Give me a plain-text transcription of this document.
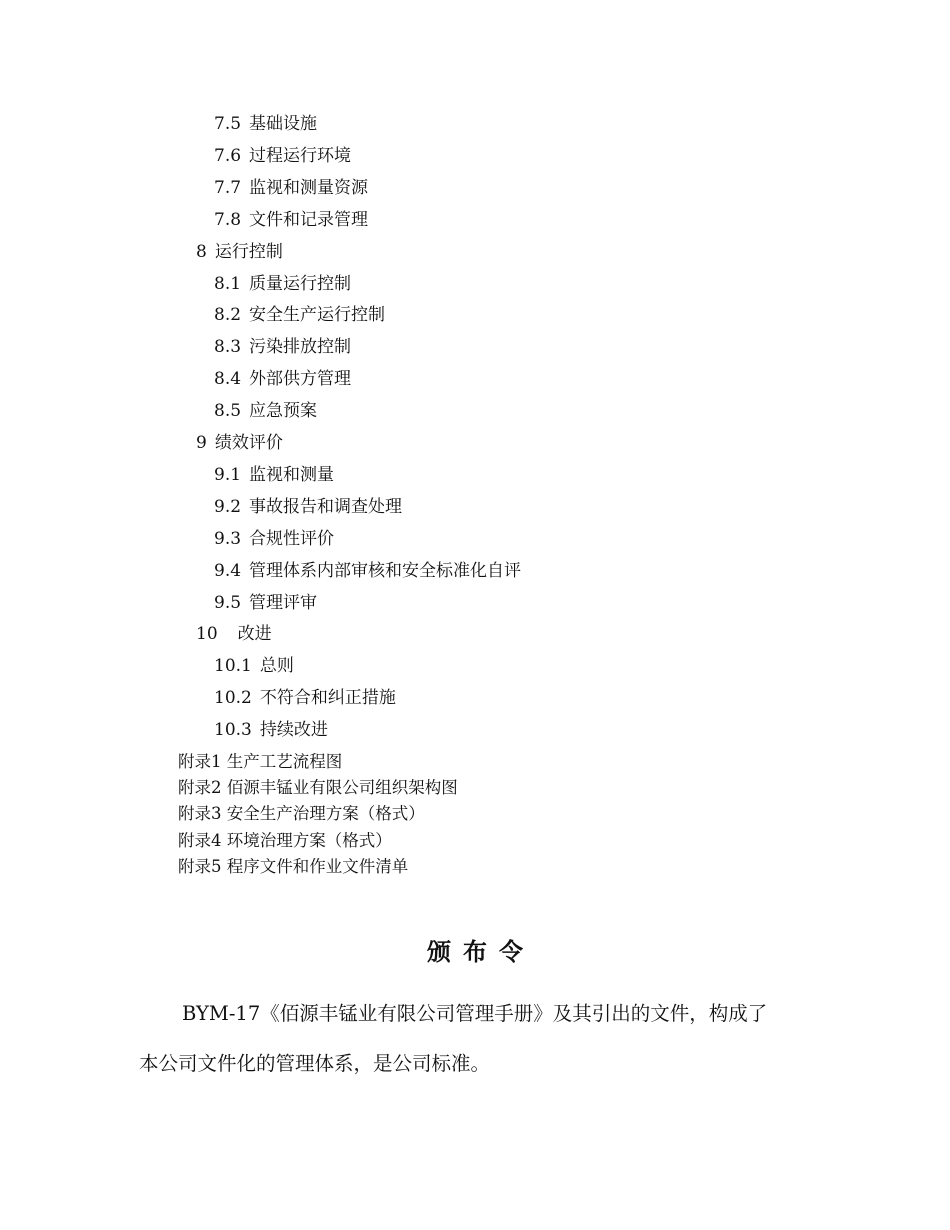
7.5 基础设施
7.6 过程运行环境
7.7 监视和测量资源
7.8 文件和记录管理
8 运行控制
8.1 质量运行控制
8.2 安全生产运行控制
8.3 污染排放控制
8.4 外部供方管理
8.5 应急预案
9 绩效评价
9.1 监视和测量
9.2 事故报告和调查处理
9.3 合规性评价
9.4 管理体系内部审核和安全标准化自评
9.5 管理评审
10 改进
10.1 总则
10.2 不符合和纠正措施
10.3 持续改进
附录1 生产工艺流程图
附录2 佰源丰锰业有限公司组织架构图
附录3 安全生产治理方案（格式）
附录4 环境治理方案（格式）
附录5 程序文件和作业文件清单
颁布令
BYM-17《佰源丰锰业有限公司管理手册》及其引出的文件，构成了
本公司文件化的管理体系，是公司标准。
